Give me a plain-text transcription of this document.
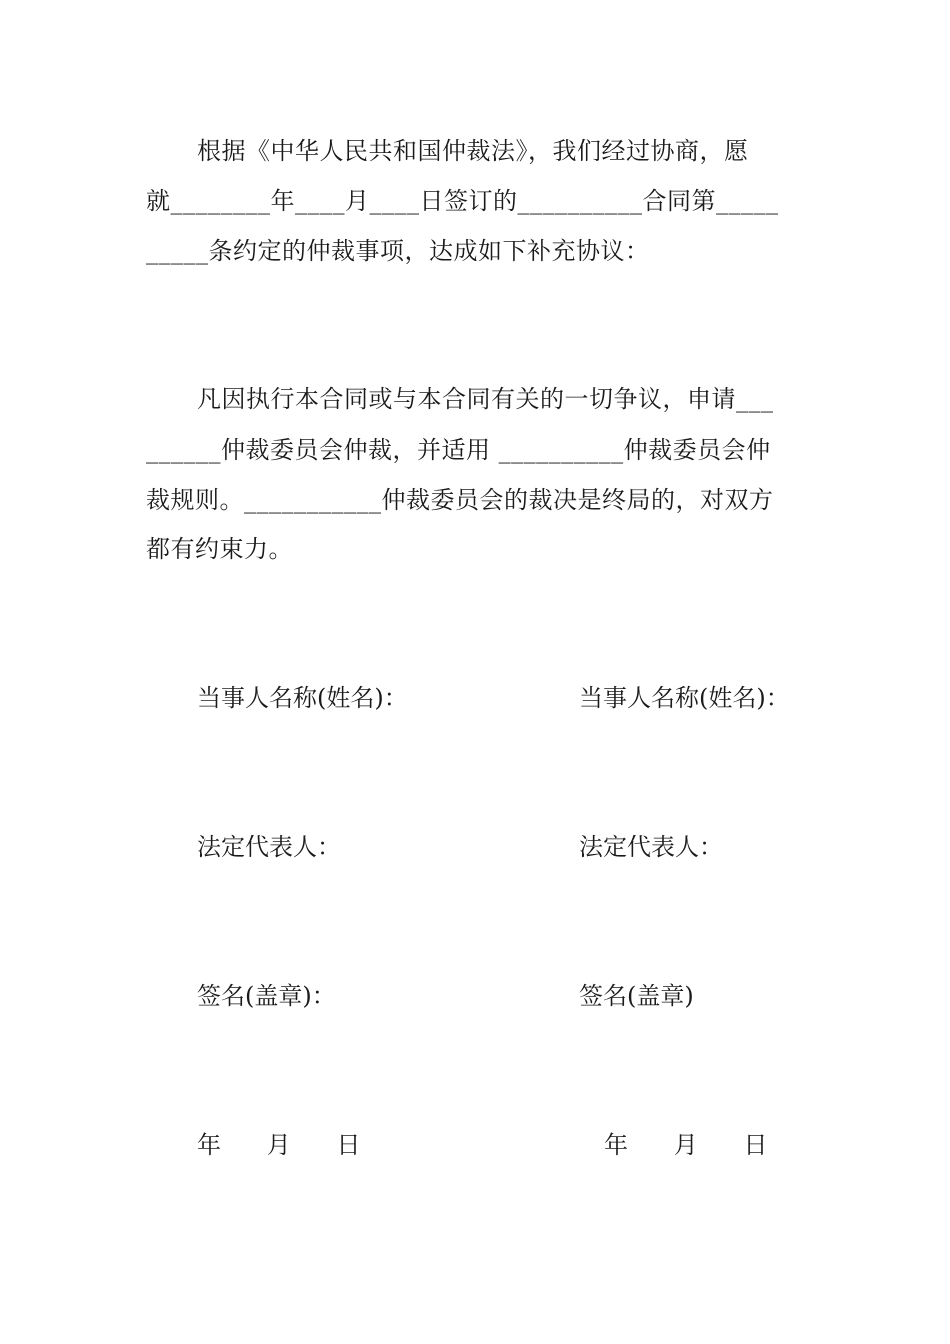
根据《中华人民共和国仲裁法》，我们经过协商，愿
就________年____月____日签订的__________合同第_____
_____条约定的仲裁事项，达成如下补充协议：
凡因执行本合同或与本合同有关的一切争议，申请___
______仲裁委员会仲裁，并适用 __________仲裁委员会仲
裁规则。___________仲裁委员会的裁决是终局的，对双方
都有约束力。
当事人名称(姓名)：	当事人名称(姓名)：
法定代表人：	法定代表人：
签名(盖章)：	签名(盖章)
年      月      日	年      月      日
